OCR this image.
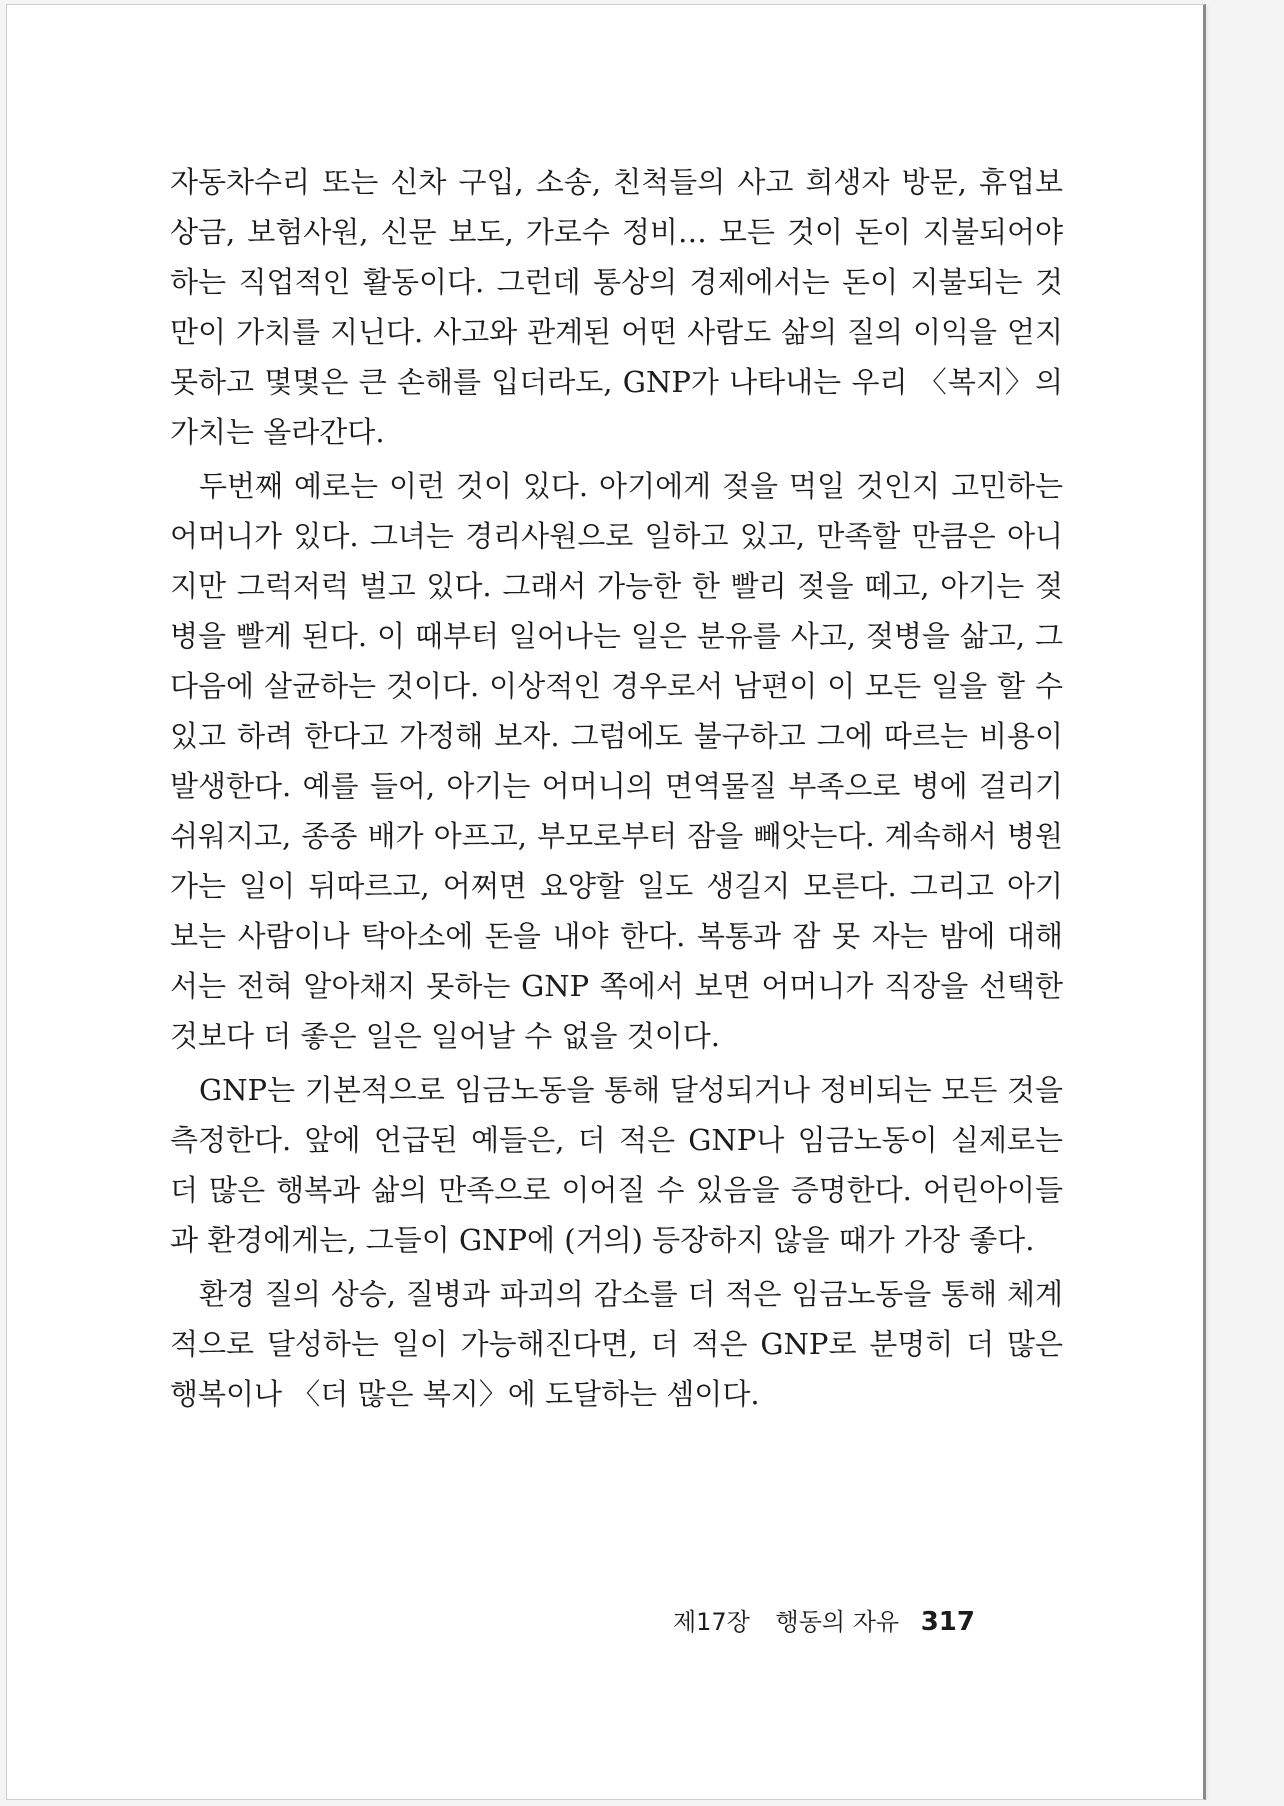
자동차수리 또는 신차 구입, 소송, 친척들의 사고 희생자 방문, 휴업보상금, 보험사원, 신문 보도, 가로수 정비… 모든 것이 돈이 지불되어야 하는 직업적인 활동이다. 그런데 통상의 경제에서는 돈이 지불되는 것만이 가치를 지닌다. 사고와 관계된 어떤 사람도 삶의 질의 이익을 얻지 못하고 몇몇은 큰 손해를 입더라도, GNP가 나타내는 우리 〈복지〉의 가치는 올라간다.

두번째 예로는 이런 것이 있다. 아기에게 젖을 먹일 것인지 고민하는 어머니가 있다. 그녀는 경리사원으로 일하고 있고, 만족할 만큼은 아니지만 그럭저럭 벌고 있다. 그래서 가능한 한 빨리 젖을 떼고, 아기는 젖병을 빨게 된다. 이 때부터 일어나는 일은 분유를 사고, 젖병을 삶고, 그 다음에 살균하는 것이다. 이상적인 경우로서 남편이 이 모든 일을 할 수 있고 하려 한다고 가정해 보자. 그럼에도 불구하고 그에 따르는 비용이 발생한다. 예를 들어, 아기는 어머니의 면역물질 부족으로 병에 걸리기 쉬워지고, 종종 배가 아프고, 부모로부터 잠을 빼앗는다. 계속해서 병원 가는 일이 뒤따르고, 어쩌면 요양할 일도 생길지 모른다. 그리고 아기 보는 사람이나 탁아소에 돈을 내야 한다. 복통과 잠 못 자는 밤에 대해서는 전혀 알아채지 못하는 GNP 쪽에서 보면 어머니가 직장을 선택한 것보다 더 좋은 일은 일어날 수 없을 것이다.

GNP는 기본적으로 임금노동을 통해 달성되거나 정비되는 모든 것을 측정한다. 앞에 언급된 예들은, 더 적은 GNP나 임금노동이 실제로는 더 많은 행복과 삶의 만족으로 이어질 수 있음을 증명한다. 어린아이들과 환경에게는, 그들이 GNP에 (거의) 등장하지 않을 때가 가장 좋다.

환경 질의 상승, 질병과 파괴의 감소를 더 적은 임금노동을 통해 체계적으로 달성하는 일이 가능해진다면, 더 적은 GNP로 분명히 더 많은 행복이나 〈더 많은 복지〉에 도달하는 셈이다.

제17장 행동의 자유 317
